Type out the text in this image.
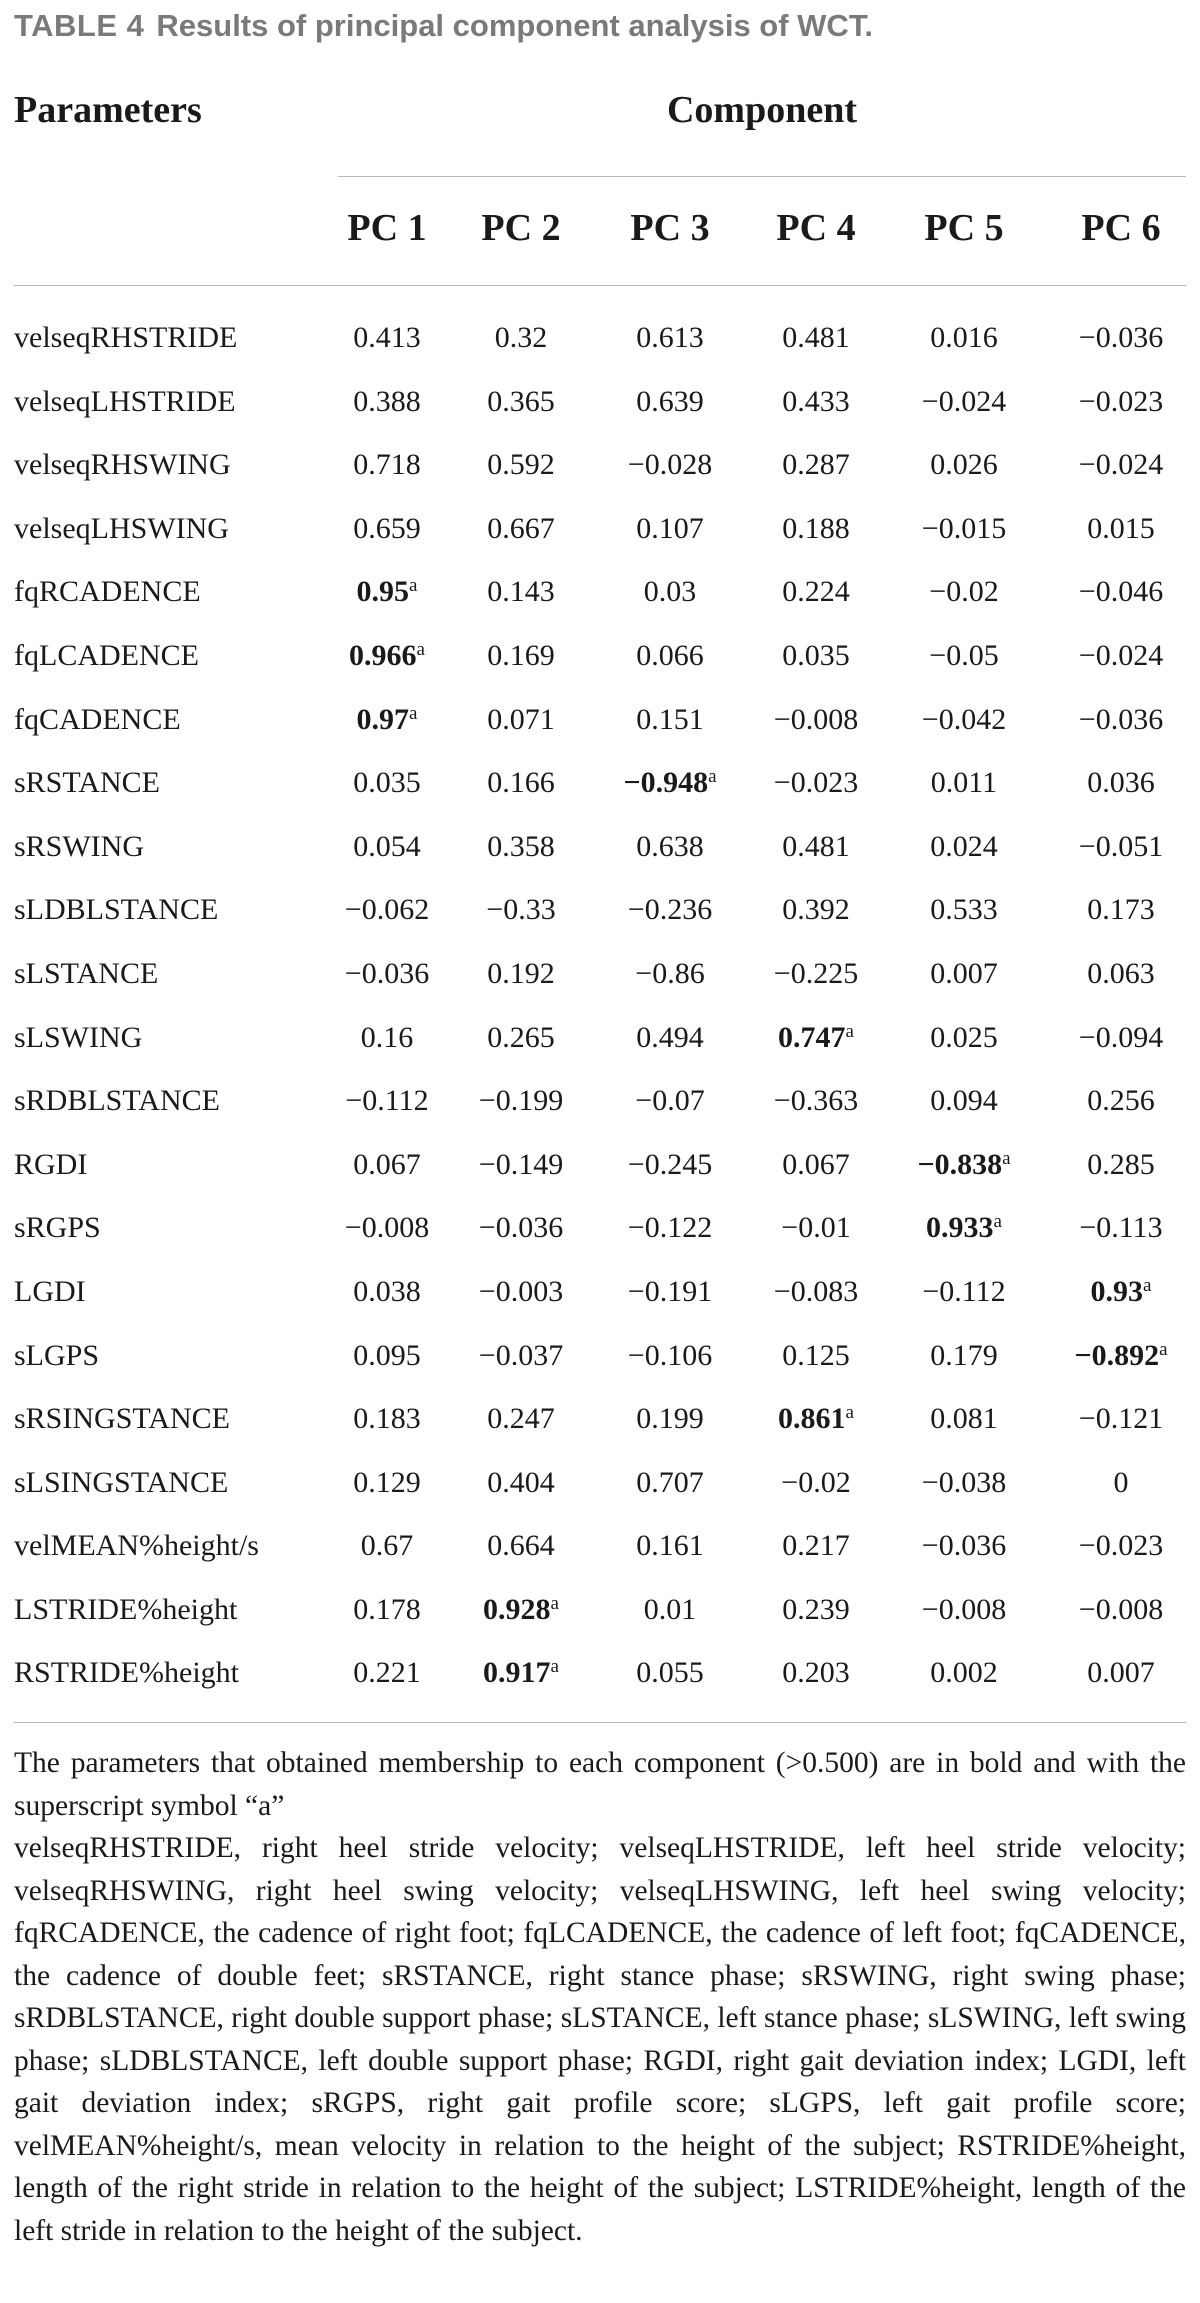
TABLE 4 Results of principal component analysis of WCT.
Parameters	Component
PC 1	PC 2	PC 3	PC 4	PC 5	PC 6
velseqRHSTRIDE	0.413	0.32	0.613	0.481	0.016	−0.036
velseqLHSTRIDE	0.388	0.365	0.639	0.433	−0.024	−0.023
velseqRHSWING	0.718	0.592	−0.028	0.287	0.026	−0.024
velseqLHSWING	0.659	0.667	0.107	0.188	−0.015	0.015
fqRCADENCE	0.95$^a$	0.143	0.03	0.224	−0.02	−0.046
fqLCADENCE	0.966$^a$	0.169	0.066	0.035	−0.05	−0.024
fqCADENCE	0.97$^a$	0.071	0.151	−0.008	−0.042	−0.036
sRSTANCE	0.035	0.166	−0.948$^a$	−0.023	0.011	0.036
sRSWING	0.054	0.358	0.638	0.481	0.024	−0.051
sLDBLSTANCE	−0.062	−0.33	−0.236	0.392	0.533	0.173
sLSTANCE	−0.036	0.192	−0.86	−0.225	0.007	0.063
sLSWING	0.16	0.265	0.494	0.747$^a$	0.025	−0.094
sRDBLSTANCE	−0.112	−0.199	−0.07	−0.363	0.094	0.256
RGDI	0.067	−0.149	−0.245	0.067	−0.838$^a$	0.285
sRGPS	−0.008	−0.036	−0.122	−0.01	0.933$^a$	−0.113
LGDI	0.038	−0.003	−0.191	−0.083	−0.112	0.93$^a$
sLGPS	0.095	−0.037	−0.106	0.125	0.179	−0.892$^a$
sRSINGSTANCE	0.183	0.247	0.199	0.861$^a$	0.081	−0.121
sLSINGSTANCE	0.129	0.404	0.707	−0.02	−0.038	0
velMEAN%height/s	0.67	0.664	0.161	0.217	−0.036	−0.023
LSTRIDE%height	0.178	0.928$^a$	0.01	0.239	−0.008	−0.008
RSTRIDE%height	0.221	0.917$^a$	0.055	0.203	0.002	0.007

The parameters that obtained membership to each component (>0.500) are in bold and with the superscript symbol “a”

velseqRHSTRIDE, right heel stride velocity; velseqLHSTRIDE, left heel stride velocity; velseqRHSWING, right heel swing velocity; velseqLHSWING, left heel swing velocity; fqRCADENCE, the cadence of right foot; fqLCADENCE, the cadence of left foot; fqCADENCE, the cadence of double feet; sRSTANCE, right stance phase; sRSWING, right swing phase; sRDBLSTANCE, right double support phase; sLSTANCE, left stance phase; sLSWING, left swing phase; sLDBLSTANCE, left double support phase; RGDI, right gait deviation index; LGDI, left gait deviation index; sRGPS, right gait profile score; sLGPS, left gait profile score; velMEAN%height/s, mean velocity in relation to the height of the subject; RSTRIDE%height, length of the right stride in relation to the height of the subject; LSTRIDE%height, length of the left stride in relation to the height of the subject.
